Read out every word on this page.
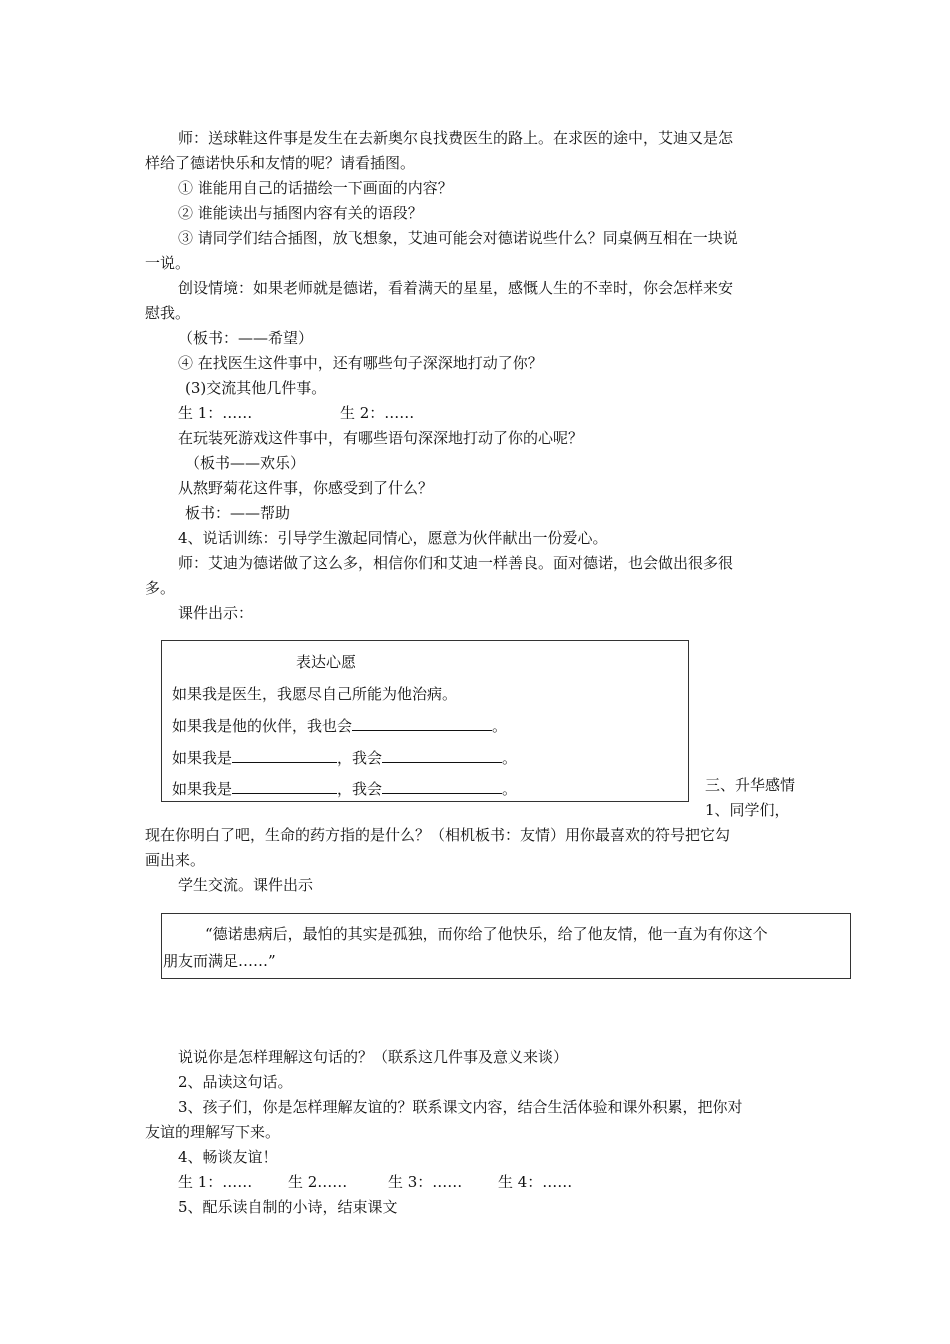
师：送球鞋这件事是发生在去新奥尔良找费医生的路上。在求医的途中，艾迪又是怎
样给了德诺快乐和友情的呢？请看插图。
① 谁能用自己的话描绘一下画面的内容？
② 谁能读出与插图内容有关的语段？
③ 请同学们结合插图，放飞想象，艾迪可能会对德诺说些什么？同桌俩互相在一块说
一说。
创设情境：如果老师就是德诺，看着满天的星星，感慨人生的不幸时，你会怎样来安
慰我。
（板书：——希望）
④ 在找医生这件事中，还有哪些句子深深地打动了你？
(3)交流其他几件事。
生 1：……	生 2：……
在玩装死游戏这件事中，有哪些语句深深地打动了你的心呢？
（板书——欢乐）
从熬野菊花这件事，你感受到了什么？
板书：——帮助
4、说话训练：引导学生激起同情心，愿意为伙伴献出一份爱心。
师：艾迪为德诺做了这么多，相信你们和艾迪一样善良。面对德诺，也会做出很多很
多。
课件出示：
表达心愿
如果我是医生，我愿尽自己所能为他治病。
如果我是他的伙伴，我也会	。
如果我是	，我会	。
如果我是	，我会	。	三、升华感情
1、同学们，
现在你明白了吧，生命的药方指的是什么？（相机板书：友情）用你最喜欢的符号把它勾
画出来。
学生交流。课件出示
“德诺患病后，最怕的其实是孤独，而你给了他快乐，给了他友情，他一直为有你这个
朋友而满足……”
说说你是怎样理解这句话的？（联系这几件事及意义来谈）
2、品读这句话。
3、孩子们，你是怎样理解友谊的？联系课文内容，结合生活体验和课外积累，把你对
友谊的理解写下来。
4、畅谈友谊！
生 1：…… 生 2……	生 3：…… 生 4：……
5、配乐读自制的小诗，结束课文
